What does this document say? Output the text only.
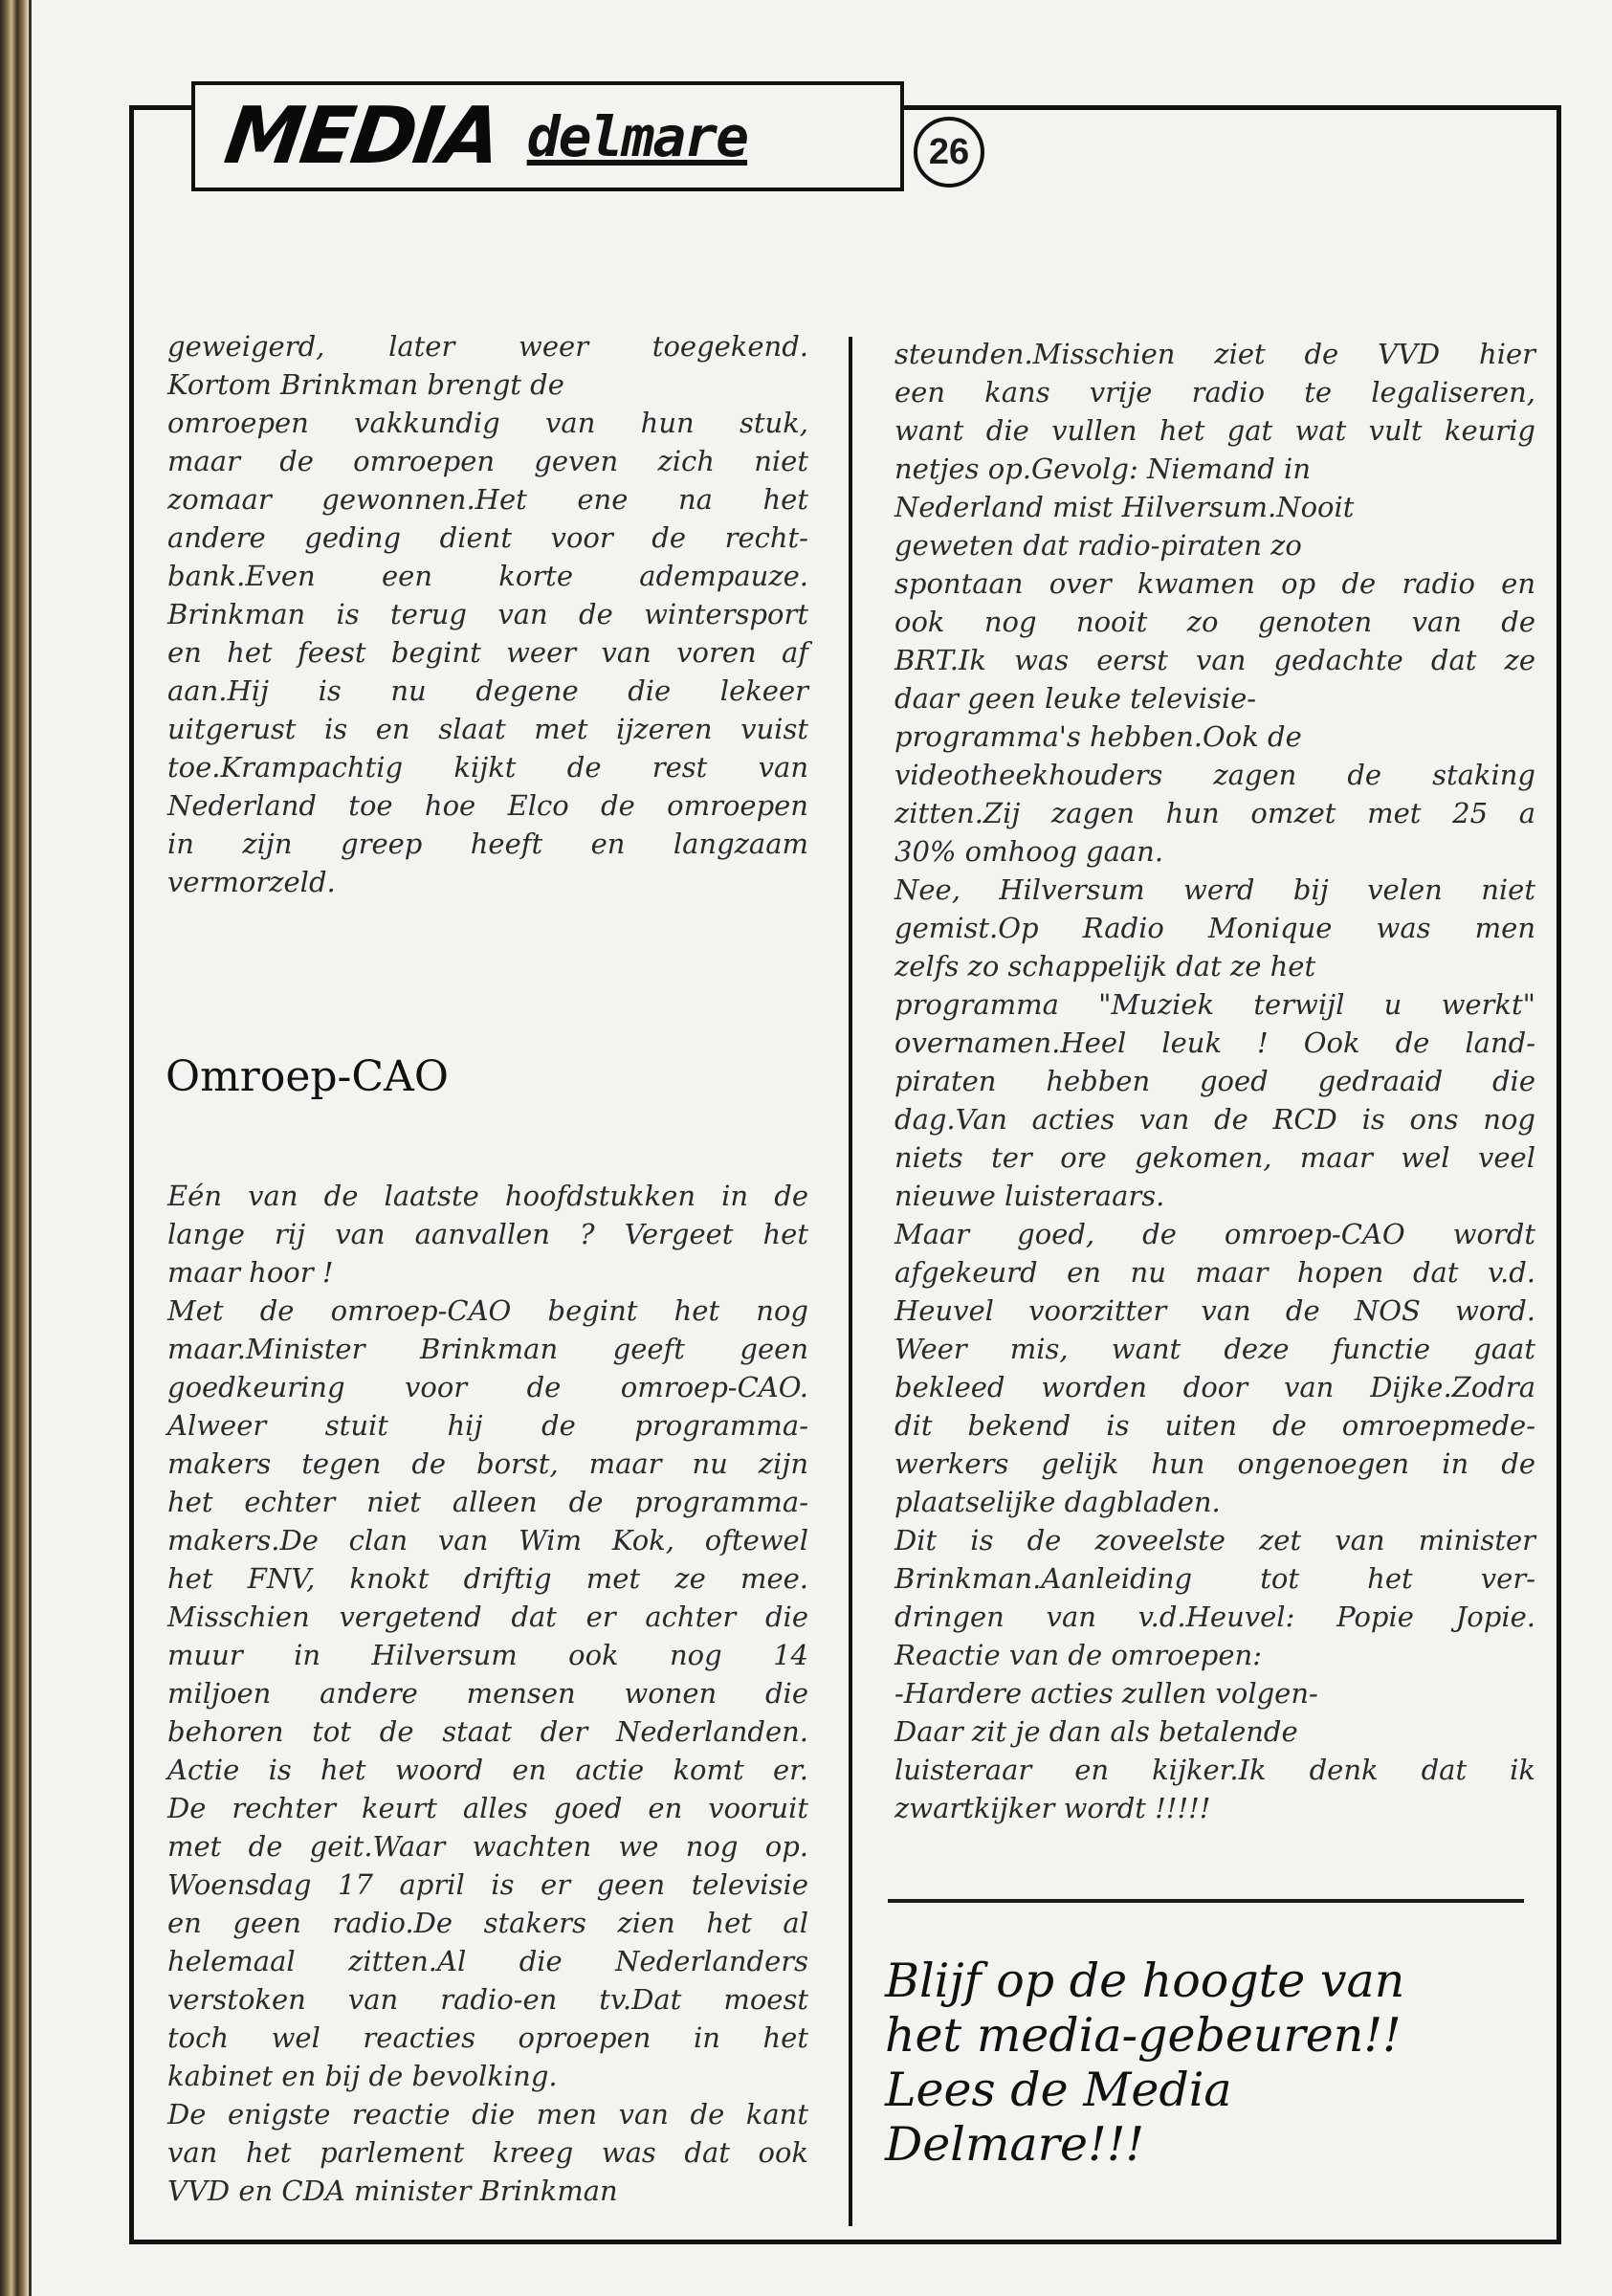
MEDIA delmare	26
geweigerd, later weer toegekend.
Kortom Brinkman brengt de
omroepen vakkundig van hun stuk,
maar de omroepen geven zich niet
zomaar gewonnen.Het ene na het
andere geding dient voor de recht-
bank.Even een korte adempauze.
Brinkman is terug van de wintersport
en het feest begint weer van voren af
aan.Hij is nu degene die lekeer
uitgerust is en slaat met ijzeren vuist
toe.Krampachtig kijkt de rest van
Nederland toe hoe Elco de omroepen
in zijn greep heeft en langzaam
vermorzeld.
Omroep-CAO
Eén van de laatste hoofdstukken in de
lange rij van aanvallen ? Vergeet het
maar hoor !
Met de omroep-CAO begint het nog
maar.Minister Brinkman geeft geen
goedkeuring voor de omroep-CAO.
Alweer stuit hij de programma-
makers tegen de borst, maar nu zijn
het echter niet alleen de programma-
makers.De clan van Wim Kok, oftewel
het FNV, knokt driftig met ze mee.
Misschien vergetend dat er achter die
muur in Hilversum ook nog 14
miljoen andere mensen wonen die
behoren tot de staat der Nederlanden.
Actie is het woord en actie komt er.
De rechter keurt alles goed en vooruit
met de geit.Waar wachten we nog op.
Woensdag 17 april is er geen televisie
en geen radio.De stakers zien het al
helemaal zitten.Al die Nederlanders
verstoken van radio-en tv.Dat moest
toch wel reacties oproepen in het
kabinet en bij de bevolking.
De enigste reactie die men van de kant
van het parlement kreeg was dat ook
VVD en CDA minister Brinkman
steunden.Misschien ziet de VVD hier
een kans vrije radio te legaliseren,
want die vullen het gat wat vult keurig
netjes op.Gevolg: Niemand in
Nederland mist Hilversum.Nooit
geweten dat radio-piraten zo
spontaan over kwamen op de radio en
ook nog nooit zo genoten van de
BRT.Ik was eerst van gedachte dat ze
daar geen leuke televisie-
programma's hebben.Ook de
videotheekhouders zagen de staking
zitten.Zij zagen hun omzet met 25 a
30% omhoog gaan.
Nee, Hilversum werd bij velen niet
gemist.Op Radio Monique was men
zelfs zo schappelijk dat ze het
programma "Muziek terwijl u werkt"
overnamen.Heel leuk ! Ook de land-
piraten hebben goed gedraaid die
dag.Van acties van de RCD is ons nog
niets ter ore gekomen, maar wel veel
nieuwe luisteraars.
Maar goed, de omroep-CAO wordt
afgekeurd en nu maar hopen dat v.d.
Heuvel voorzitter van de NOS word.
Weer mis, want deze functie gaat
bekleed worden door van Dijke.Zodra
dit bekend is uiten de omroepmede-
werkers gelijk hun ongenoegen in de
plaatselijke dagbladen.
Dit is de zoveelste zet van minister
Brinkman.Aanleiding tot het ver-
dringen van v.d.Heuvel: Popie Jopie.
Reactie van de omroepen:
-Hardere acties zullen volgen-
Daar zit je dan als betalende
luisteraar en kijker.Ik denk dat ik
zwartkijker wordt !!!!!
Blijf op de hoogte van
het media-gebeuren!!
Lees de Media
Delmare!!!
